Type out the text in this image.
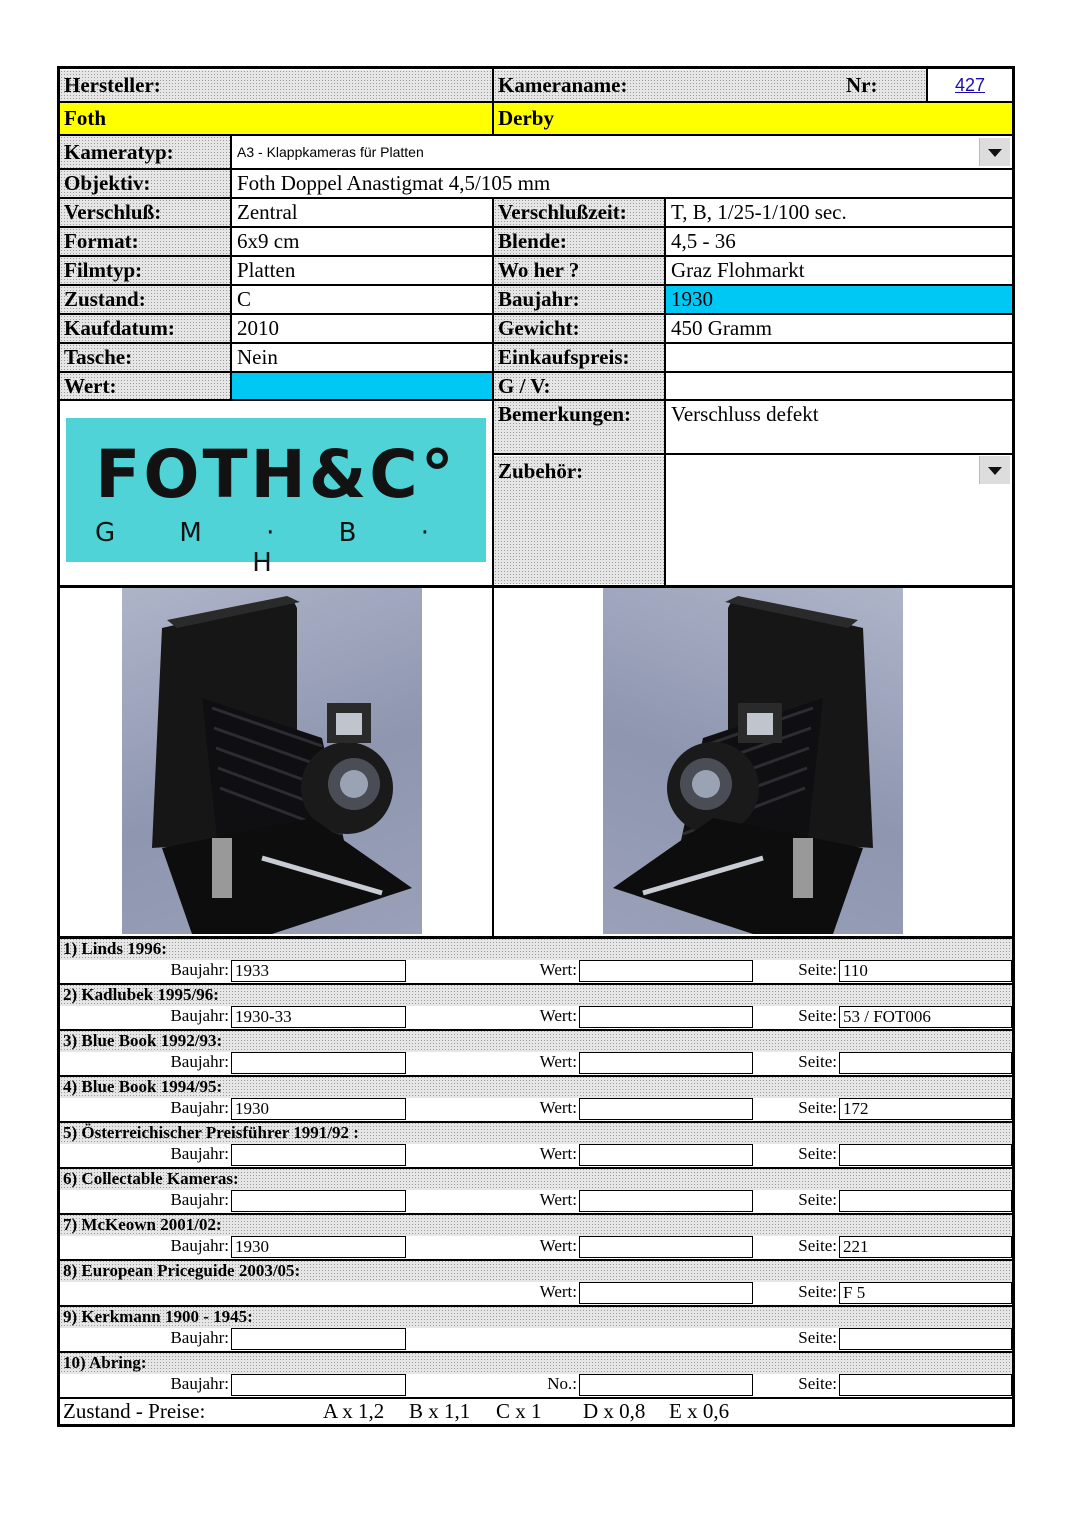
Hersteller:	Kameraname:	Nr:	427
Foth	Derby
Kameratyp:	A3 - Klappkameras für Platten
Objektiv:	Foth Doppel Anastigmat 4,5/105 mm
Verschluß:	Zentral
Format:	6x9 cm
Filmtyp:	Platten
Zustand:	C
Kaufdatum:	2010
Tasche:	Nein
Wert:
Verschlußzeit:	T, B, 1/25-1/100 sec.
Blende:	4,5 - 36
Wo her ?	Graz Flohmarkt
Baujahr:	1930
Gewicht:	450 Gramm
Einkaufspreis:
G / V:
Bemerkungen:	Verschluss defekt
Zubehör:
FOTH&C°
G M · B · H
1) Linds 1996:
Baujahr: 1933	Wert:	Seite: 110
2) Kadlubek 1995/96:
Baujahr: 1930-33	Wert:	Seite: 53 / FOT006
3) Blue Book 1992/93:
Baujahr:	Wert:	Seite:
4) Blue Book 1994/95:
Baujahr: 1930	Wert:	Seite: 172
5) Österreichischer Preisführer 1991/92 :
Baujahr:	Wert:	Seite:
6) Collectable Kameras:
Baujahr:	Wert:	Seite:
7) McKeown 2001/02:
Baujahr: 1930	Wert:	Seite: 221
8) European Priceguide 2003/05:
Wert:	Seite: F 5
9) Kerkmann 1900 - 1945:
Baujahr:	Seite:
10) Abring:
Baujahr:	No.:	Seite:
Zustand - Preise:	A x 1,2 B x 1,1 C x 1 D x 0,8 E x 0,6
